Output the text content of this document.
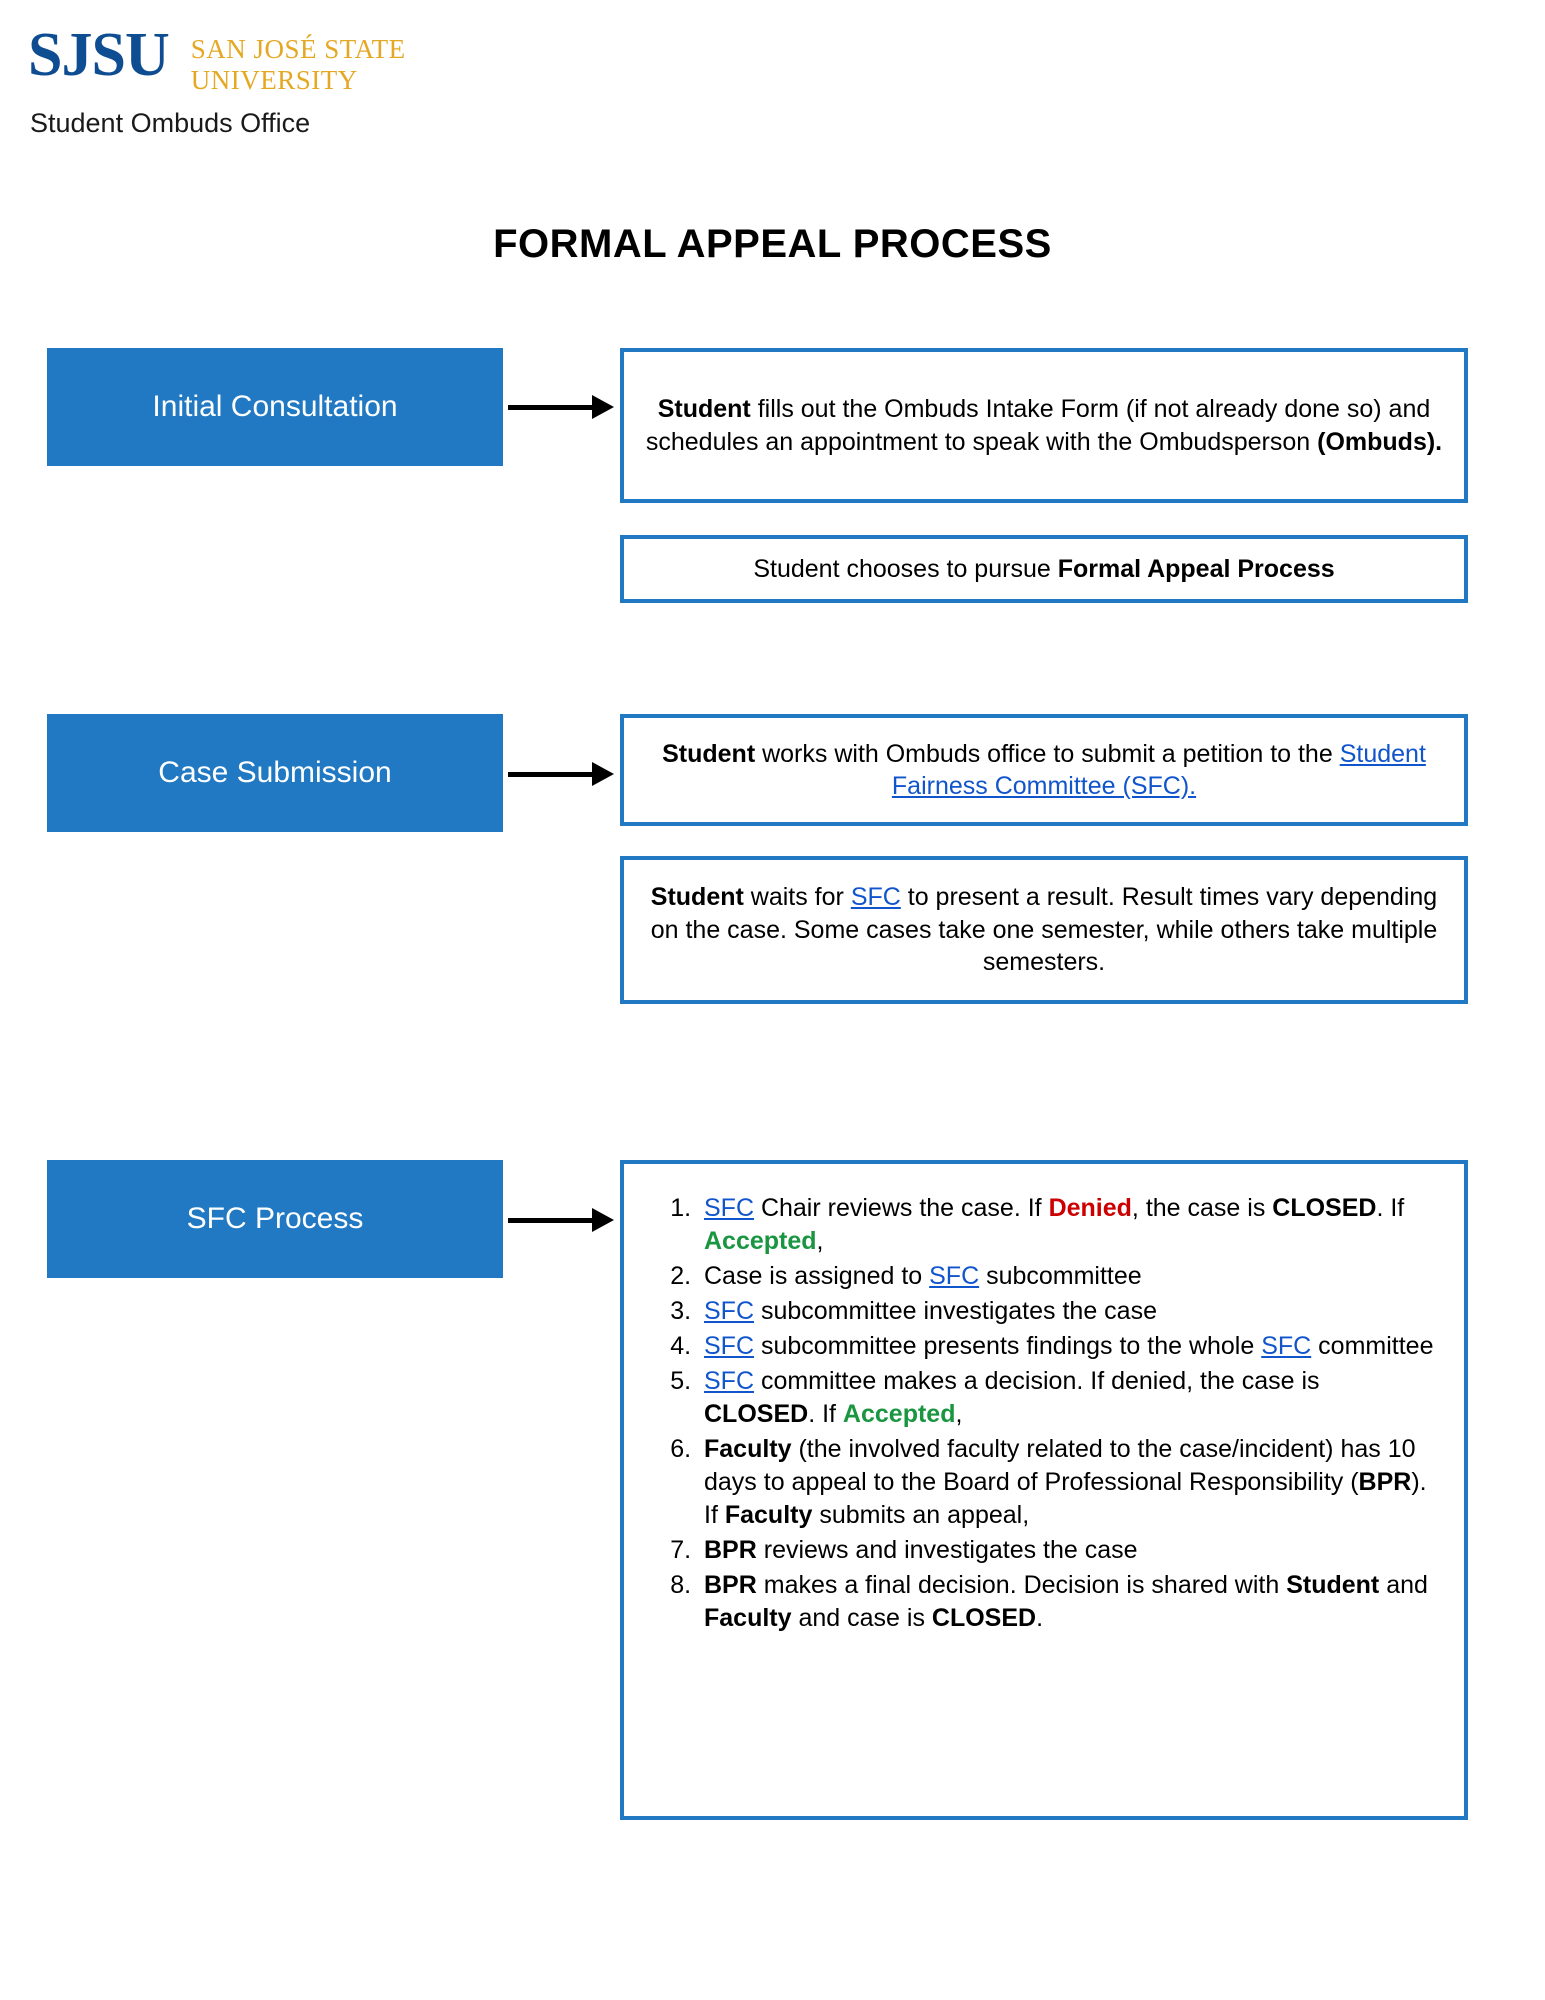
SJSU SAN JOSÉ STATE
UNIVERSITY
Student Ombuds Office
FORMAL APPEAL PROCESS
Initial Consultation	Student fills out the Ombuds Intake Form (if not already done so) and schedules an appointment to speak with the Ombudsperson (Ombuds).
Student chooses to pursue Formal Appeal Process
Case Submission
Student works with Ombuds office to submit a petition to the Student Fairness Committee (SFC).
Student waits for SFC to present a result. Result times vary depending on the case. Some cases take one semester, while others take multiple semesters.
SFC Process	1. SFC Chair reviews the case. If Denied, the case is CLOSED. If Accepted,
2. Case is assigned to SFC subcommittee
3. SFC subcommittee investigates the case
4. SFC subcommittee presents findings to the whole SFC committee
5. SFC committee makes a decision. If denied, the case is CLOSED. If Accepted,
6. Faculty (the involved faculty related to the case/incident) has 10 days to appeal to the Board of Professional Responsibility (BPR). If Faculty submits an appeal,
7. BPR reviews and investigates the case
8. BPR makes a final decision. Decision is shared with Student and Faculty and case is CLOSED.
